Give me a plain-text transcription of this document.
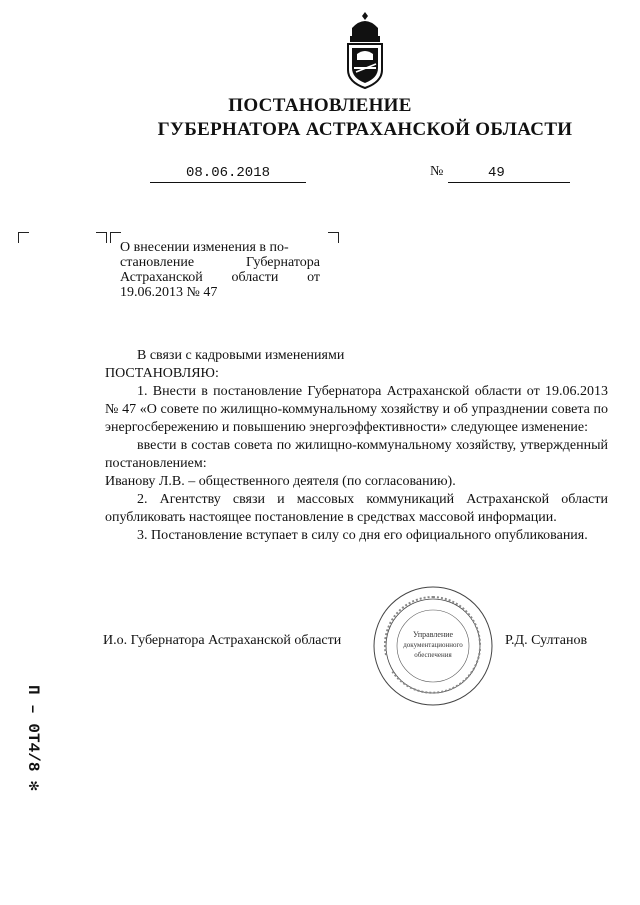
ПОСТАНОВЛЕНИЕ
ГУБЕРНАТОРА АСТРАХАНСКОЙ ОБЛАСТИ
08.06.2018	№	49
О внесении изменения в по-
становление Губернатора
Астраханской области от
19.06.2013 № 47

В связи с кадровыми изменениями

ПОСТАНОВЛЯЮ:

1. Внести в постановление Губернатора Астраханской области от 19.06.2013 № 47 «О совете по жилищно-коммунальному хозяйству и об упразднении совета по энергосбережению и повышению энергоэффективности» следующее изменение:

ввести в состав совета по жилищно-коммунальному хозяйству, утвержденный постановлением:

Иванову Л.В. – общественного деятеля (по согласованию).

2. Агентству связи и массовых коммуникаций Астраханской области опубликовать настоящее постановление в средствах массовой информации.

3. Постановление вступает в силу со дня его официального опубликования.

Управление
документационного
обеспечения
И.о. Губернатора Астраханской области	Р.Д. Султанов
П – 0Т4/8 ✻
